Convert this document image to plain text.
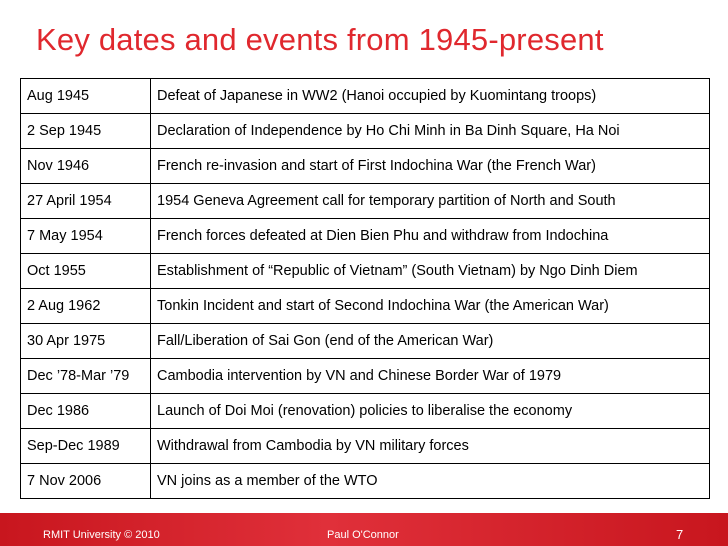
Key dates and events from 1945-present
Aug 1945	Defeat of Japanese in WW2 (Hanoi occupied by Kuomintang troops)
2 Sep 1945	Declaration of Independence by Ho Chi Minh in Ba Dinh Square, Ha Noi
Nov 1946	French re-invasion and start of First Indochina War (the French War)
27 April 1954	1954 Geneva Agreement call for temporary partition of North and South
7 May 1954	French forces defeated at Dien Bien Phu and withdraw from Indochina
Oct 1955	Establishment of “Republic of Vietnam” (South Vietnam) by Ngo Dinh Diem
2 Aug 1962	Tonkin Incident and start of Second Indochina War (the American War)
30 Apr 1975	Fall/Liberation of Sai Gon (end of the American War)
Dec ’78-Mar ’79	Cambodia intervention by VN and Chinese Border War of 1979
Dec 1986	Launch of Doi Moi (renovation) policies to liberalise the economy
Sep-Dec 1989	Withdrawal from Cambodia by VN military forces
7 Nov 2006	VN joins as a member of the WTO
RMIT University © 2010	Paul O'Connor	7
